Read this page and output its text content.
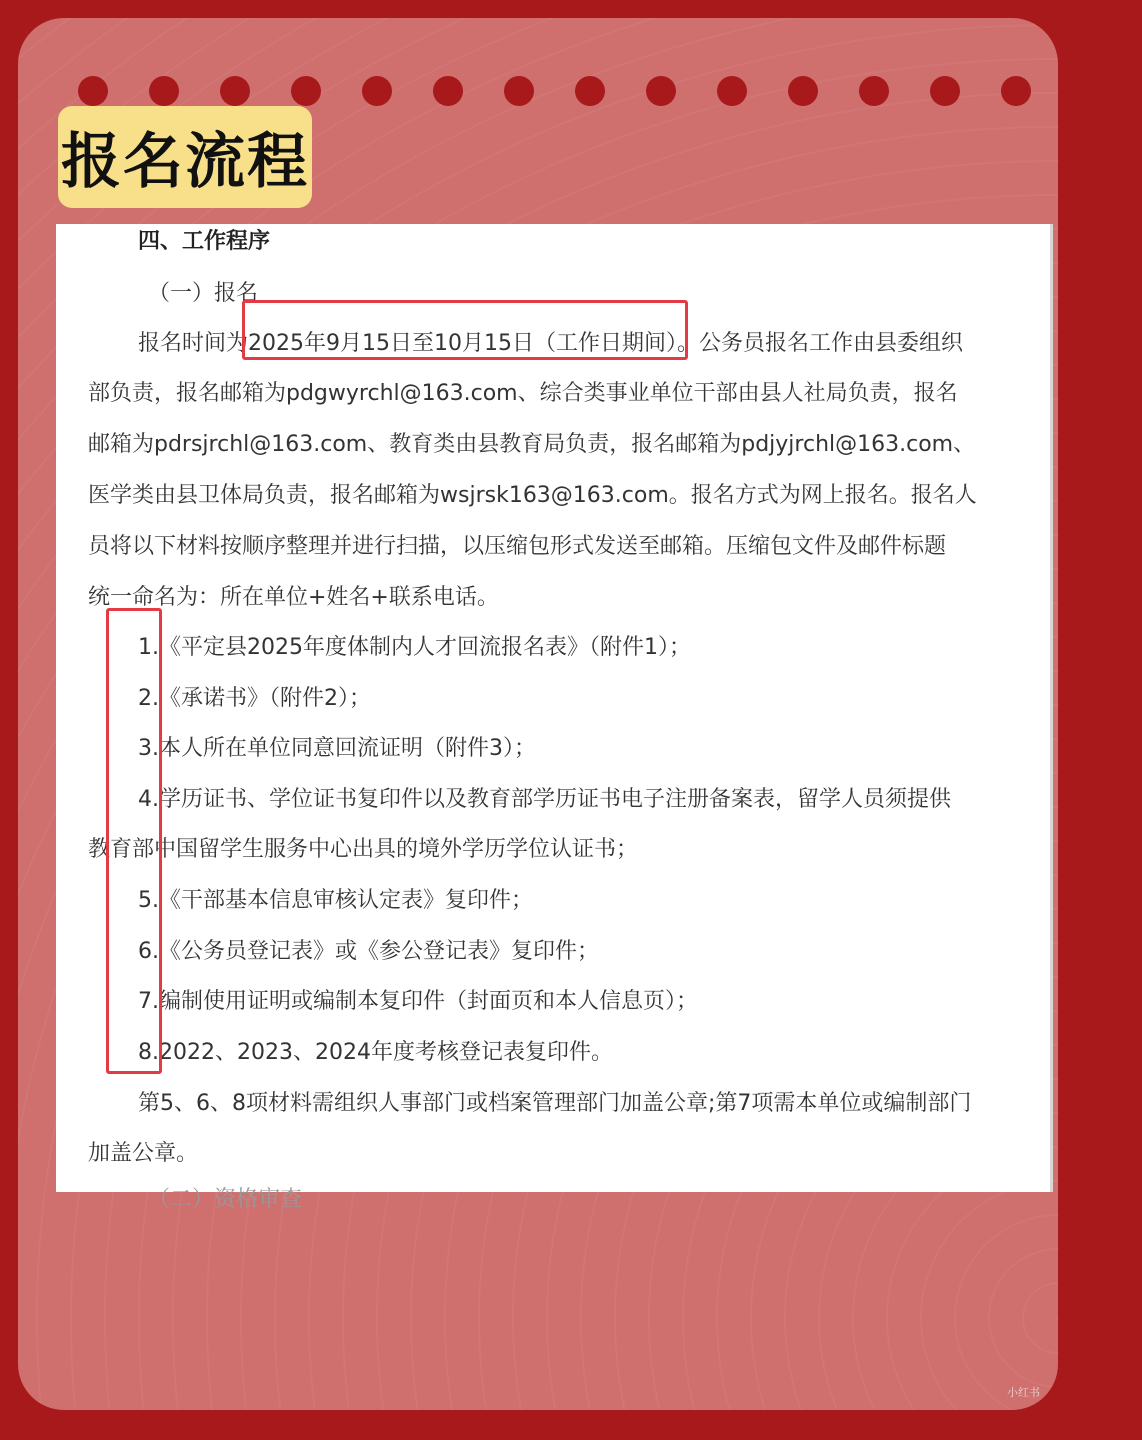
报名流程

四、工作程序

（一）报名

报名时间为2025年9月15日至10月15日（工作日期间）。公务员报名工作由县委组织

部负责，报名邮箱为pdgwyrchl@163.com、综合类事业单位干部由县人社局负责，报名

邮箱为pdrsjrchl@163.com、教育类由县教育局负责，报名邮箱为pdjyjrchl@163.com、

医学类由县卫体局负责，报名邮箱为wsjrsk163@163.com。报名方式为网上报名。报名人

员将以下材料按顺序整理并进行扫描，以压缩包形式发送至邮箱。压缩包文件及邮件标题

统一命名为：所在单位+姓名+联系电话。

1.《平定县2025年度体制内人才回流报名表》（附件1）；

2.《承诺书》（附件2）；

3.本人所在单位同意回流证明（附件3）；

4.学历证书、学位证书复印件以及教育部学历证书电子注册备案表，留学人员须提供

教育部中国留学生服务中心出具的境外学历学位认证书；

5.《干部基本信息审核认定表》复印件；

6.《公务员登记表》或《参公登记表》复印件；

7.编制使用证明或编制本复印件（封面页和本人信息页）；

8.2022、2023、2024年度考核登记表复印件。

第5、6、8项材料需组织人事部门或档案管理部门加盖公章;第7项需本单位或编制部门

加盖公章。

（二）资格审查

小红书
